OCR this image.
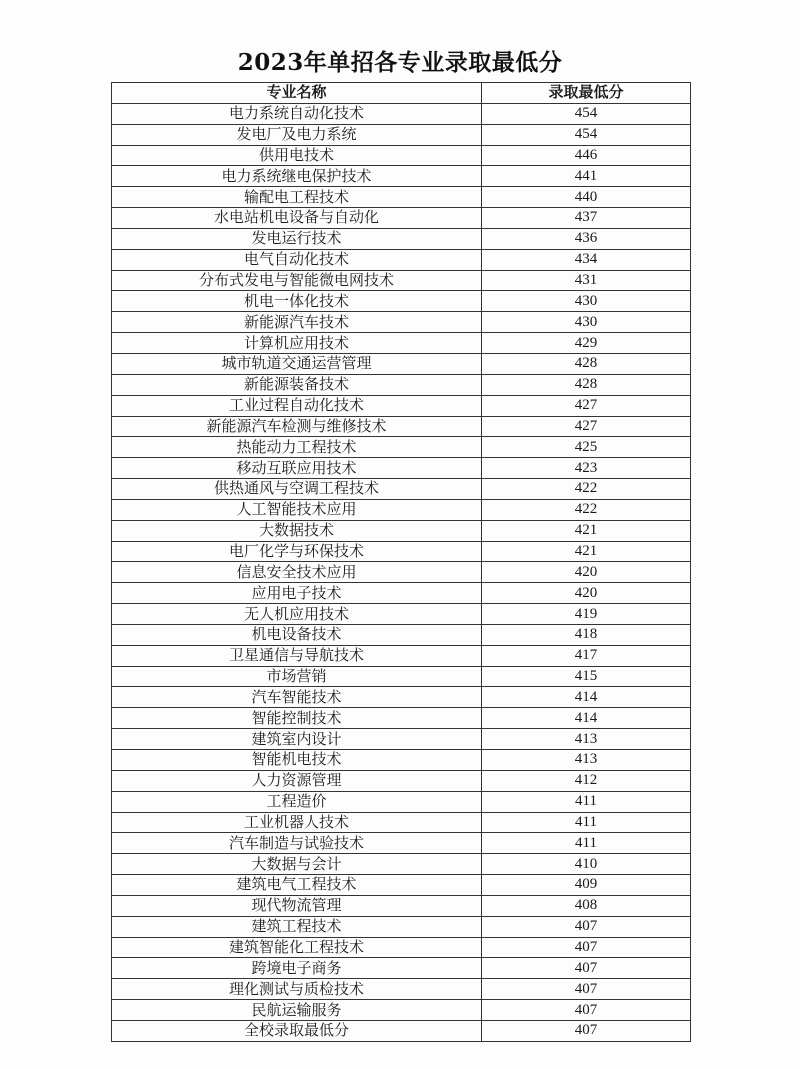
2023年单招各专业录取最低分
专业名称	录取最低分
电力系统自动化技术	454
发电厂及电力系统	454
供用电技术	446
电力系统继电保护技术	441
输配电工程技术	440
水电站机电设备与自动化	437
发电运行技术	436
电气自动化技术	434
分布式发电与智能微电网技术	431
机电一体化技术	430
新能源汽车技术	430
计算机应用技术	429
城市轨道交通运营管理	428
新能源装备技术	428
工业过程自动化技术	427
新能源汽车检测与维修技术	427
热能动力工程技术	425
移动互联应用技术	423
供热通风与空调工程技术	422
人工智能技术应用	422
大数据技术	421
电厂化学与环保技术	421
信息安全技术应用	420
应用电子技术	420
无人机应用技术	419
机电设备技术	418
卫星通信与导航技术	417
市场营销	415
汽车智能技术	414
智能控制技术	414
建筑室内设计	413
智能机电技术	413
人力资源管理	412
工程造价	411
工业机器人技术	411
汽车制造与试验技术	411
大数据与会计	410
建筑电气工程技术	409
现代物流管理	408
建筑工程技术	407
建筑智能化工程技术	407
跨境电子商务	407
理化测试与质检技术	407
民航运输服务	407
全校录取最低分	407
